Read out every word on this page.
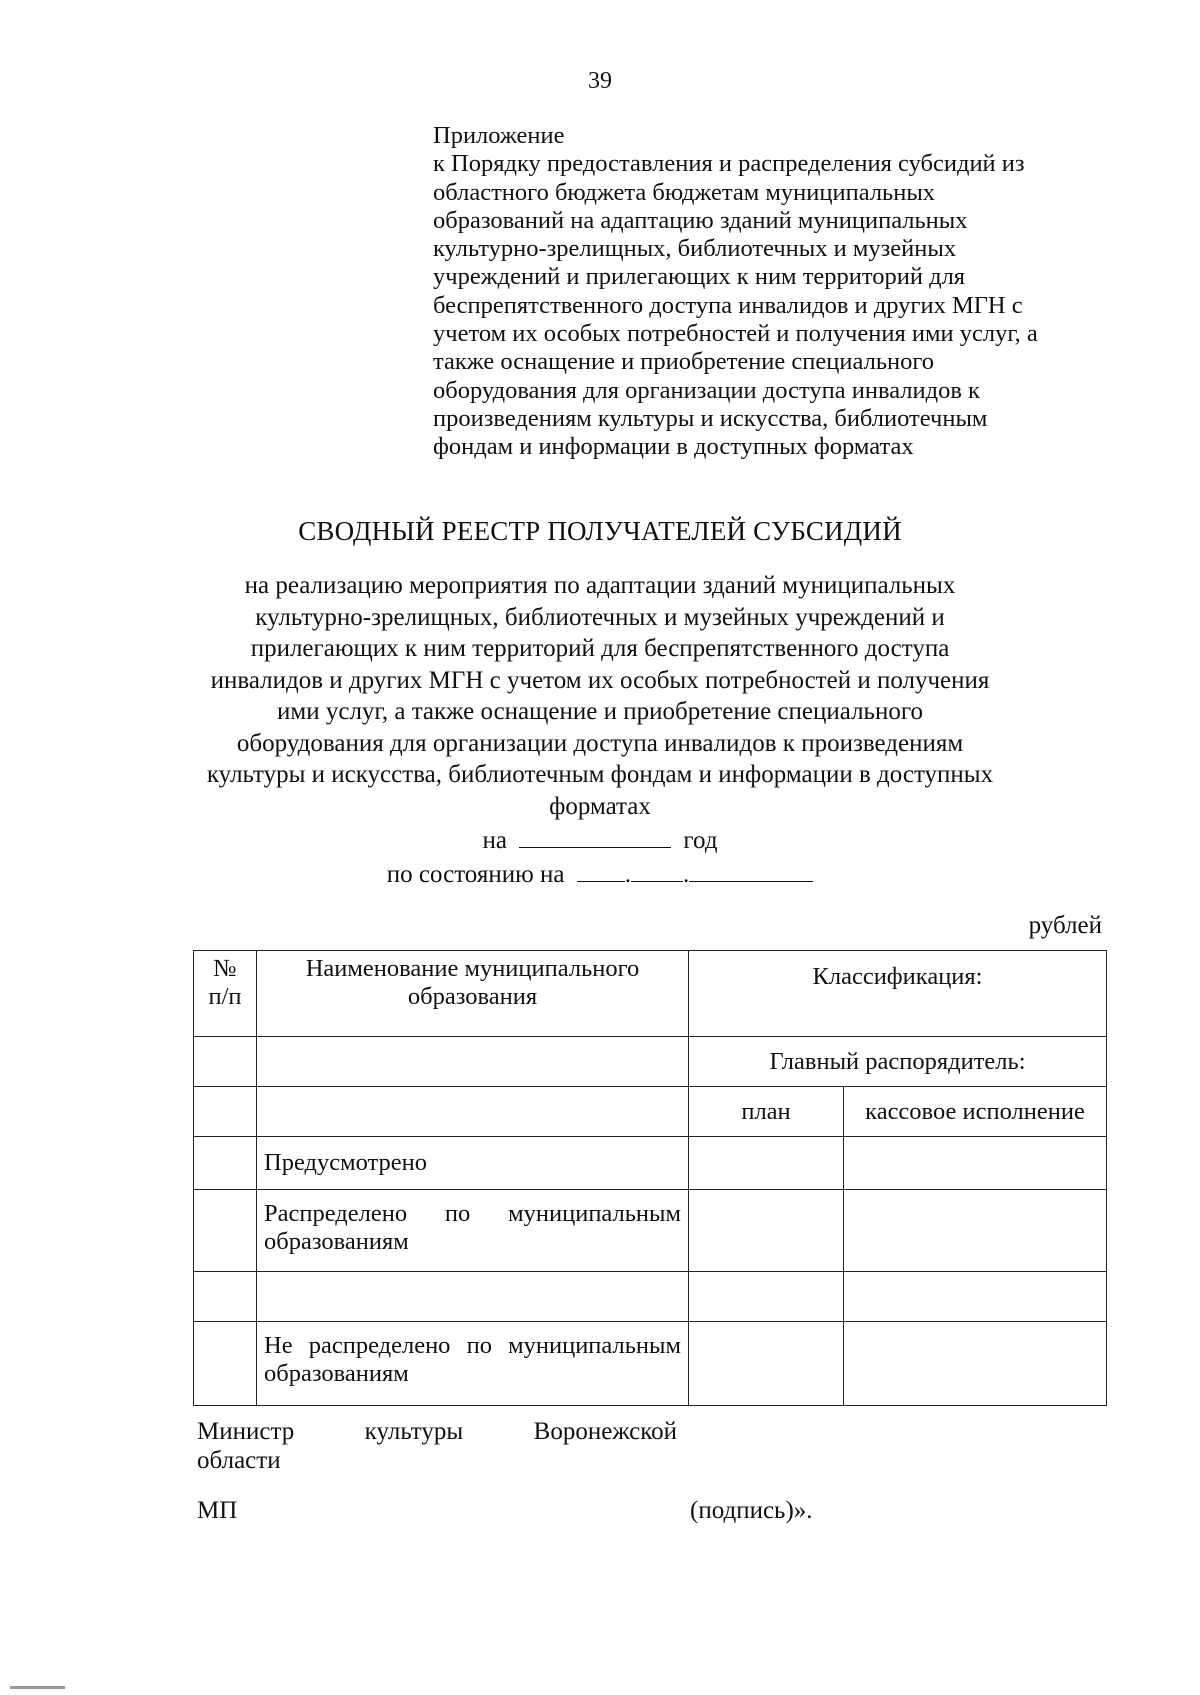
39
Приложение
к Порядку предоставления и распределения субсидий из
областного бюджета бюджетам муниципальных
образований на адаптацию зданий муниципальных
культурно-зрелищных, библиотечных и музейных
учреждений и прилегающих к ним территорий для
беспрепятственного доступа инвалидов и других МГН с
учетом их особых потребностей и получения ими услуг, а
также оснащение и приобретение специального
оборудования для организации доступа инвалидов к
произведениям культуры и искусства, библиотечным
фондам и информации в доступных форматах
СВОДНЫЙ РЕЕСТР ПОЛУЧАТЕЛЕЙ СУБСИДИЙ
на реализацию мероприятия по адаптации зданий муниципальных
культурно-зрелищных, библиотечных и музейных учреждений и
прилегающих к ним территорий для беспрепятственного доступа
инвалидов и других МГН с учетом их особых потребностей и получения
ими услуг, а также оснащение и приобретение специального
оборудования для организации доступа инвалидов к произведениям
культуры и искусства, библиотечным фондам и информации в доступных
форматах
на	год
по состоянию на . .
рублей
№ п/п	Наименование муниципального образования	Классификация:	
		Главный распорядитель:	
		план	кассовое исполнение
	Предусмотрено		
	Распределено по муниципальным образованиям		

	Не распределено по муниципальным образованиям		
Министр культуры Воронежской
области
МП	(подпись)».
